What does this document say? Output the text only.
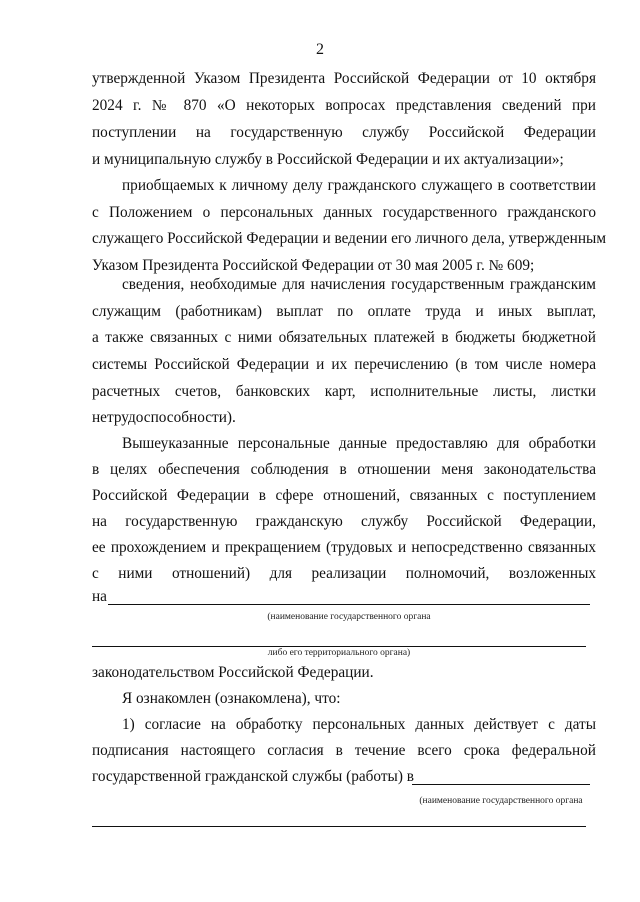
2
утвержденной Указом Президента Российской Федерации от 10 октября
2024 г. № 870 «О некоторых вопросах представления сведений при
поступлении на государственную службу Российской Федерации
и муниципальную службу в Российской Федерации и их актуализации»;
приобщаемых к личному делу гражданского служащего в соответствии
с Положением о персональных данных государственного гражданского
служащего Российской Федерации и ведении его личного дела, утвержденным
Указом Президента Российской Федерации от 30 мая 2005 г. № 609;
сведения, необходимые для начисления государственным гражданским
служащим (работникам) выплат по оплате труда и иных выплат,
а также связанных с ними обязательных платежей в бюджеты бюджетной
системы Российской Федерации и их перечислению (в том числе номера
расчетных счетов, банковских карт, исполнительные листы, листки
нетрудоспособности).
Вышеуказанные персональные данные предоставляю для обработки
в целях обеспечения соблюдения в отношении меня законодательства
Российской Федерации в сфере отношений, связанных с поступлением
на государственную гражданскую службу Российской Федерации,
ее прохождением и прекращением (трудовых и непосредственно связанных
с ними отношений) для реализации полномочий, возложенных
на
(наименование государственного органа
либо его территориального органа)
законодательством Российской Федерации.
Я ознакомлен (ознакомлена), что:
1) согласие на обработку персональных данных действует с даты
подписания настоящего согласия в течение всего срока федеральной
государственной гражданской службы (работы) в
(наименование государственного органа
